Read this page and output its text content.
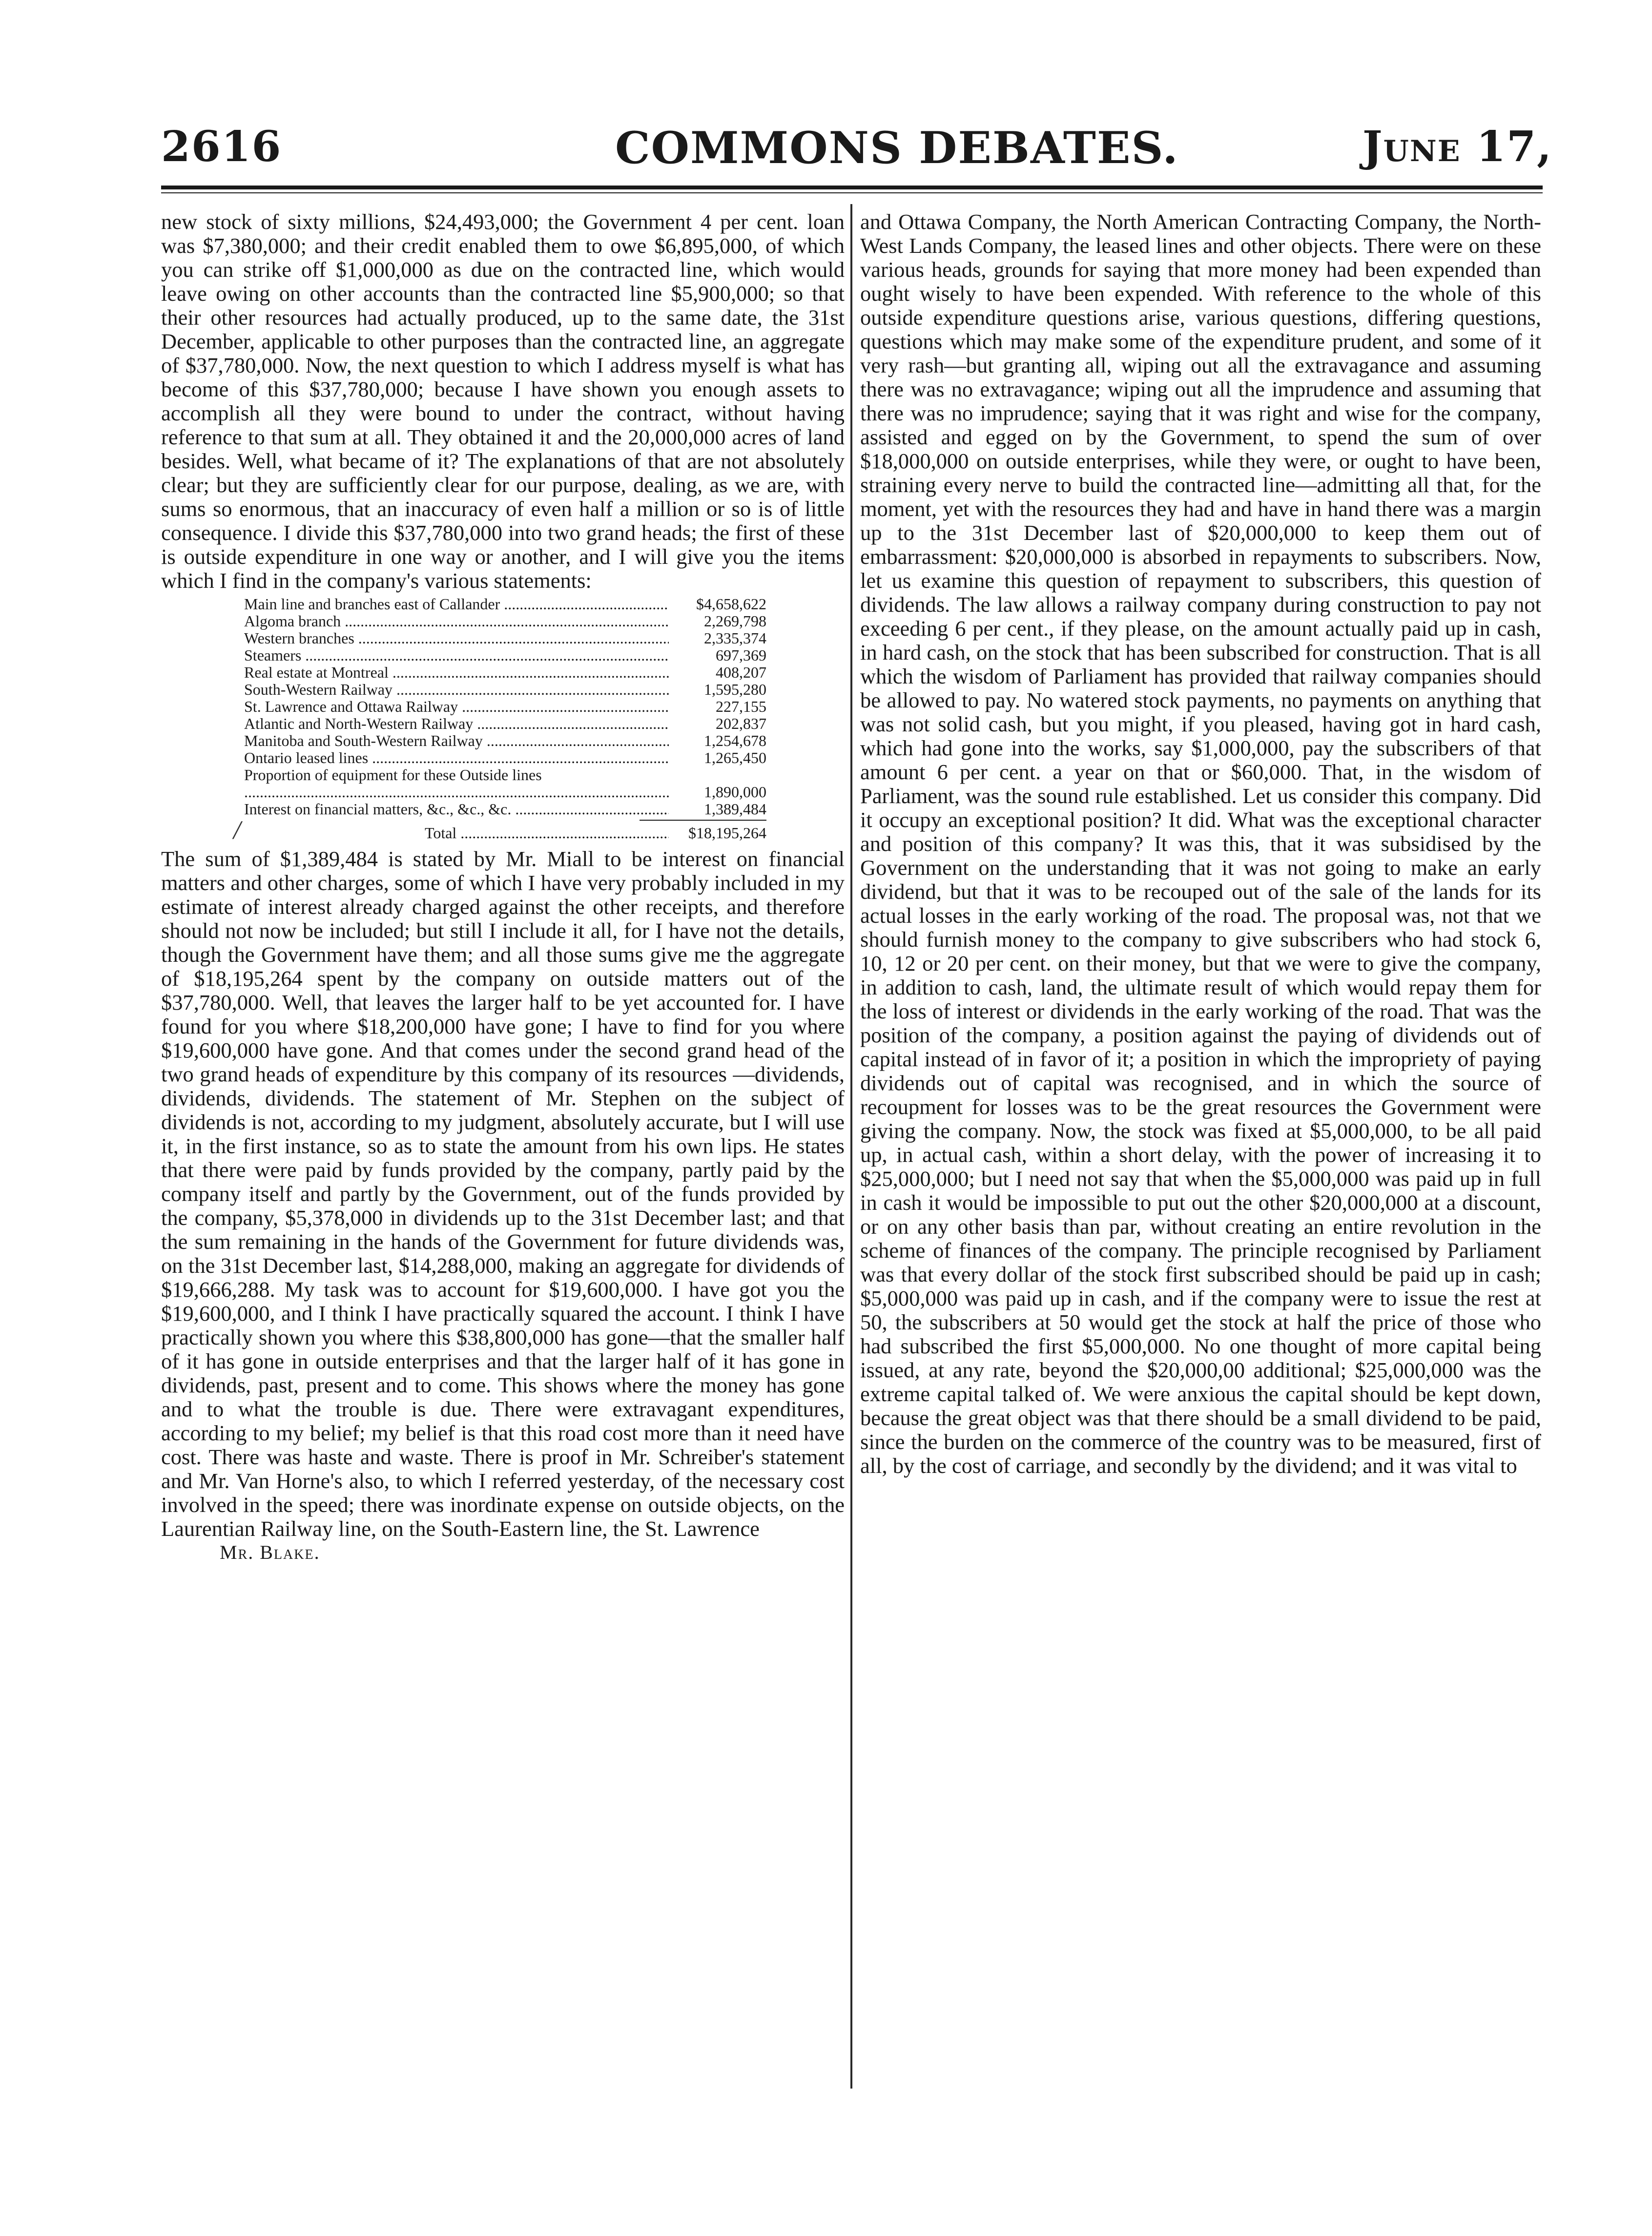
2616	COMMONS DEBATES.	June 17,

new stock of sixty millions, $24,493,000; the Government 4 per cent. loan was $7,380,000; and their credit enabled them to owe $6,895,000, of which you can strike off $1,000,000 as due on the contracted line, which would leave owing on other accounts than the contracted line $5,900,000; so that their other resources had actually produced, up to the same date, the 31st December, applicable to other purposes than the contracted line, an aggregate of $37,780,000. Now, the next question to which I address myself is what has become of this $37,780,000; because I have shown you enough assets to accomplish all they were bound to under the contract, without having reference to that sum at all. They obtained it and the 20,000,000 acres of land besides. Well, what became of it? The explanations of that are not absolutely clear; but they are sufficiently clear for our purpose, dealing, as we are, with sums so enormous, that an inaccuracy of even half a million or so is of little consequence. I divide this $37,780,000 into two grand heads; the first of these is outside expenditure in one way or another, and I will give you the items which I find in the company's various statements:

Main line and branches east of Callander .....	$4,658,622
Algoma branch .....	2,269,798
Western branches .....	2,335,374
Steamers .....	697,369
Real estate at Montreal .....	408,207
South-Western Railway .....	1,595,280
St. Lawrence and Ottawa Railway .....	227,155
Atlantic and North-Western Railway .....	202,837
Manitoba and South-Western Railway .....	1,254,678
Ontario leased lines .....	1,265,450
Proportion of equipment for these Outside lines .....
1,890,000
Interest on financial matters, &c., &c., &c. .....	1,389,484
/	Total .....	$18,195,264

The sum of $1,389,484 is stated by Mr. Miall to be interest on financial matters and other charges, some of which I have very probably included in my estimate of interest already charged against the other receipts, and therefore should not now be included; but still I include it all, for I have not the details, though the Government have them; and all those sums give me the aggregate of $18,195,264 spent by the company on outside matters out of the $37,780,000. Well, that leaves the larger half to be yet accounted for. I have found for you where $18,200,000 have gone; I have to find for you where $19,600,000 have gone. And that comes under the second grand head of the two grand heads of expenditure by this company of its resources —dividends, dividends, dividends. The statement of Mr. Stephen on the subject of dividends is not, according to my judgment, absolutely accurate, but I will use it, in the first instance, so as to state the amount from his own lips. He states that there were paid by funds provided by the company, partly paid by the company itself and partly by the Government, out of the funds provided by the company, $5,378,000 in dividends up to the 31st December last; and that the sum remaining in the hands of the Government for future dividends was, on the 31st December last, $14,288,000, making an aggregate for dividends of $19,666,288. My task was to account for $19,600,000. I have got you the $19,600,000, and I think I have practically squared the account. I think I have practically shown you where this $38,800,000 has gone—that the smaller half of it has gone in outside enterprises and that the larger half of it has gone in dividends, past, present and to come. This shows where the money has gone and to what the trouble is due. There were extravagant expenditures, according to my belief; my belief is that this road cost more than it need have cost. There was haste and waste. There is proof in Mr. Schreiber's statement and Mr. Van Horne's also, to which I referred yesterday, of the necessary cost involved in the speed; there was inordinate expense on outside objects, on the Laurentian Railway line, on the South-Eastern line, the St. Lawrence

Mr. Blake.

and Ottawa Company, the North American Contracting Company, the North-West Lands Company, the leased lines and other objects. There were on these various heads, grounds for saying that more money had been expended than ought wisely to have been expended. With reference to the whole of this outside expenditure questions arise, various questions, differing questions, questions which may make some of the expenditure prudent, and some of it very rash—but granting all, wiping out all the extravagance and assuming there was no extravagance; wiping out all the imprudence and assuming that there was no imprudence; saying that it was right and wise for the company, assisted and egged on by the Government, to spend the sum of over $18,000,000 on outside enterprises, while they were, or ought to have been, straining every nerve to build the contracted line—admitting all that, for the moment, yet with the resources they had and have in hand there was a margin up to the 31st December last of $20,000,000 to keep them out of embarrassment: $20,000,000 is absorbed in repayments to subscribers. Now, let us examine this question of repayment to subscribers, this question of dividends. The law allows a railway company during construction to pay not exceeding 6 per cent., if they please, on the amount actually paid up in cash, in hard cash, on the stock that has been subscribed for construction. That is all which the wisdom of Parliament has provided that railway companies should be allowed to pay. No watered stock payments, no payments on anything that was not solid cash, but you might, if you pleased, having got in hard cash, which had gone into the works, say $1,000,000, pay the subscribers of that amount 6 per cent. a year on that or $60,000. That, in the wisdom of Parliament, was the sound rule established. Let us consider this company. Did it occupy an exceptional position? It did. What was the exceptional character and position of this company? It was this, that it was subsidised by the Government on the understanding that it was not going to make an early dividend, but that it was to be recouped out of the sale of the lands for its actual losses in the early working of the road. The proposal was, not that we should furnish money to the company to give subscribers who had stock 6, 10, 12 or 20 per cent. on their money, but that we were to give the company, in addition to cash, land, the ultimate result of which would repay them for the loss of interest or dividends in the early working of the road. That was the position of the company, a position against the paying of dividends out of capital instead of in favor of it; a position in which the impropriety of paying dividends out of capital was recognised, and in which the source of recoupment for losses was to be the great resources the Government were giving the company. Now, the stock was fixed at $5,000,000, to be all paid up, in actual cash, within a short delay, with the power of increasing it to $25,000,000; but I need not say that when the $5,000,000 was paid up in full in cash it would be impossible to put out the other $20,000,000 at a discount, or on any other basis than par, without creating an entire revolution in the scheme of finances of the company. The principle recognised by Parliament was that every dollar of the stock first subscribed should be paid up in cash; $5,000,000 was paid up in cash, and if the company were to issue the rest at 50, the subscribers at 50 would get the stock at half the price of those who had subscribed the first $5,000,000. No one thought of more capital being issued, at any rate, beyond the $20,000,00 additional; $25,000,000 was the extreme capital talked of. We were anxious the capital should be kept down, because the great object was that there should be a small dividend to be paid, since the burden on the commerce of the country was to be measured, first of all, by the cost of carriage, and secondly by the dividend; and it was vital to
